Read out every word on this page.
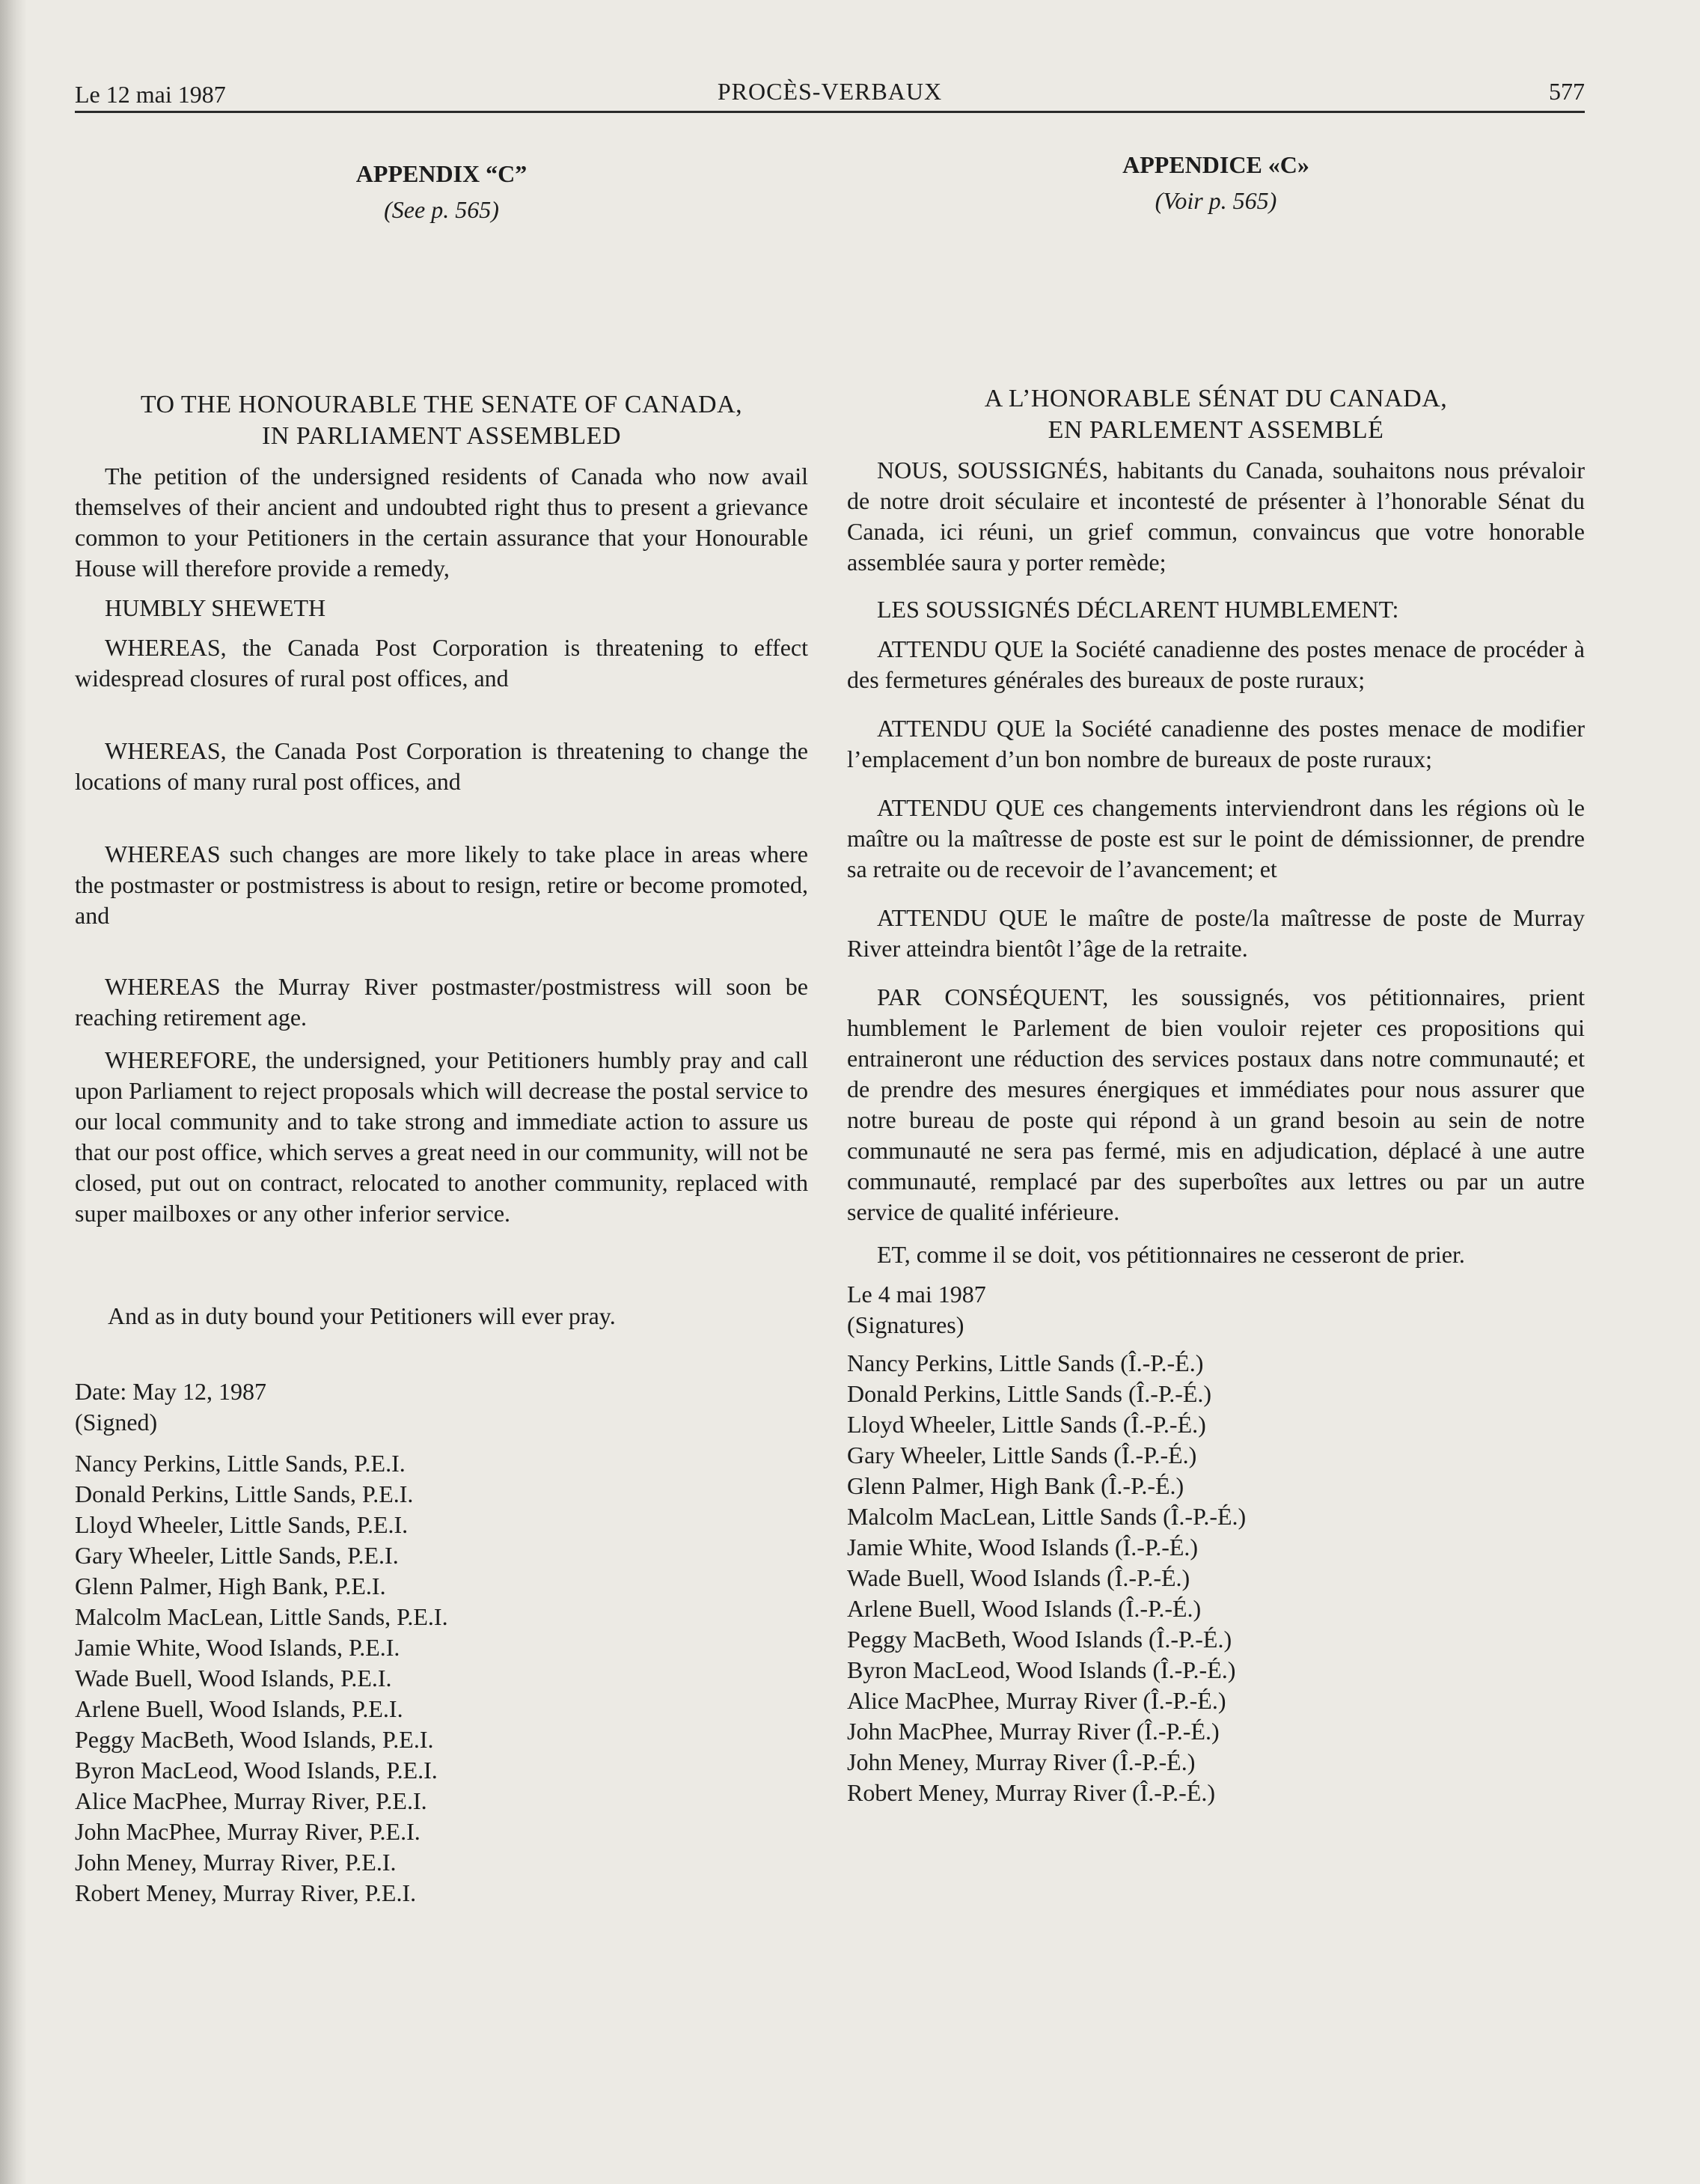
Le 12 mai 1987	PROCÈS-VERBAUX	577

APPENDIX “C”

(See p. 565)

TO THE HONOURABLE THE SENATE OF CANADA,

IN PARLIAMENT ASSEMBLED

The petition of the undersigned residents of Canada who now avail themselves of their ancient and undoubted right thus to present a grievance common to your Petitioners in the certain assurance that your Honourable House will therefore provide a remedy,

HUMBLY SHEWETH

WHEREAS, the Canada Post Corporation is threatening to effect widespread closures of rural post offices, and

WHEREAS, the Canada Post Corporation is threatening to change the locations of many rural post offices, and

WHEREAS such changes are more likely to take place in areas where the postmaster or postmistress is about to resign, retire or become promoted, and

WHEREAS the Murray River postmaster/postmistress will soon be reaching retirement age.

WHEREFORE, the undersigned, your Petitioners humbly pray and call upon Parliament to reject proposals which will decrease the postal service to our local community and to take strong and immediate action to assure us that our post office, which serves a great need in our community, will not be closed, put out on contract, relocated to another community, replaced with super mailboxes or any other inferior service.

And as in duty bound your Petitioners will ever pray.

Date: May 12, 1987

(Signed)

Nancy Perkins, Little Sands, P.E.I.
Donald Perkins, Little Sands, P.E.I.
Lloyd Wheeler, Little Sands, P.E.I.
Gary Wheeler, Little Sands, P.E.I.
Glenn Palmer, High Bank, P.E.I.
Malcolm MacLean, Little Sands, P.E.I.
Jamie White, Wood Islands, P.E.I.
Wade Buell, Wood Islands, P.E.I.
Arlene Buell, Wood Islands, P.E.I.
Peggy MacBeth, Wood Islands, P.E.I.
Byron MacLeod, Wood Islands, P.E.I.
Alice MacPhee, Murray River, P.E.I.
John MacPhee, Murray River, P.E.I.
John Meney, Murray River, P.E.I.
Robert Meney, Murray River, P.E.I.

APPENDICE «C»

(Voir p. 565)

A L’HONORABLE SÉNAT DU CANADA,

EN PARLEMENT ASSEMBLÉ

NOUS, SOUSSIGNÉS, habitants du Canada, souhaitons nous prévaloir de notre droit séculaire et incontesté de présenter à l’honorable Sénat du Canada, ici réuni, un grief commun, convaincus que votre honorable assemblée saura y porter remède;

LES SOUSSIGNÉS DÉCLARENT HUMBLEMENT:

ATTENDU QUE la Société canadienne des postes menace de procéder à des fermetures générales des bureaux de poste ruraux;

ATTENDU QUE la Société canadienne des postes menace de modifier l’emplacement d’un bon nombre de bureaux de poste ruraux;

ATTENDU QUE ces changements interviendront dans les régions où le maître ou la maîtresse de poste est sur le point de démissionner, de prendre sa retraite ou de recevoir de l’avancement; et

ATTENDU QUE le maître de poste/la maîtresse de poste de Murray River atteindra bientôt l’âge de la retraite.

PAR CONSÉQUENT, les soussignés, vos pétitionnaires, prient humblement le Parlement de bien vouloir rejeter ces propositions qui entraineront une réduction des services postaux dans notre communauté; et de prendre des mesures énergiques et immédiates pour nous assurer que notre bureau de poste qui répond à un grand besoin au sein de notre communauté ne sera pas fermé, mis en adjudication, déplacé à une autre communauté, remplacé par des superboîtes aux lettres ou par un autre service de qualité inférieure.

ET, comme il se doit, vos pétitionnaires ne cesseront de prier.

Le 4 mai 1987

(Signatures)

Nancy Perkins, Little Sands (Î.-P.-É.)
Donald Perkins, Little Sands (Î.-P.-É.)
Lloyd Wheeler, Little Sands (Î.-P.-É.)
Gary Wheeler, Little Sands (Î.-P.-É.)
Glenn Palmer, High Bank (Î.-P.-É.)
Malcolm MacLean, Little Sands (Î.-P.-É.)
Jamie White, Wood Islands (Î.-P.-É.)
Wade Buell, Wood Islands (Î.-P.-É.)
Arlene Buell, Wood Islands (Î.-P.-É.)
Peggy MacBeth, Wood Islands (Î.-P.-É.)
Byron MacLeod, Wood Islands (Î.-P.-É.)
Alice MacPhee, Murray River (Î.-P.-É.)
John MacPhee, Murray River (Î.-P.-É.)
John Meney, Murray River (Î.-P.-É.)
Robert Meney, Murray River (Î.-P.-É.)
